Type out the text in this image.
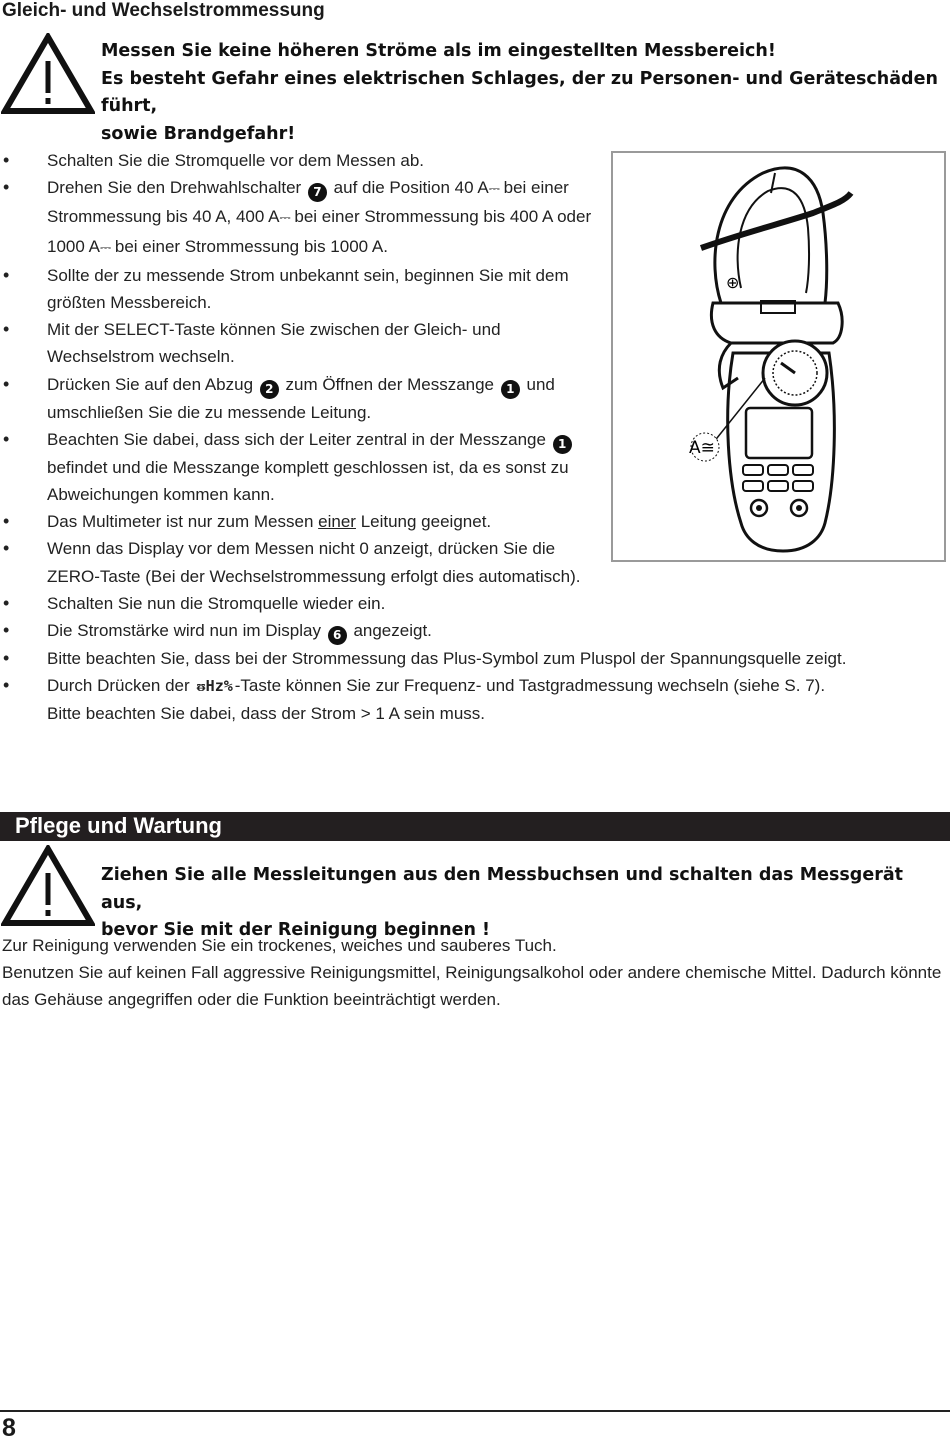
Gleich- und Wechselstrommessung
Messen Sie keine höheren Ströme als im eingestellten Messbereich!
Es besteht Gefahr eines elektrischen Schlages, der zu Personen- und Geräteschäden führt,
sowie Brandgefahr!
• Schalten Sie die Stromquelle vor dem Messen ab.
• Drehen Sie den Drehwahlschalter 7 auf die Position 40 A⎓ bei einer Strommessung bis 40 A, 400 A⎓ bei einer Strommessung bis 400 A oder 1000 A⎓ bei einer Strommessung bis 1000 A.
• Sollte der zu messende Strom unbekannt sein, beginnen Sie mit dem größten Messbereich.
• Mit der SELECT-Taste können Sie zwischen der Gleich- und Wechselstrom wechseln.
• Drücken Sie auf den Abzug 2 zum Öffnen der Messzange 1 und umschließen Sie die zu messende Leitung.
• Beachten Sie dabei, dass sich der Leiter zentral in der Messzange 1 befindet und die Messzange komplett geschlossen ist, da es sonst zu Abweichungen kommen kann.
• Das Multimeter ist nur zum Messen einer Leitung geeignet.
• Wenn das Display vor dem Messen nicht 0 anzeigt, drücken Sie die ZERO-Taste (Bei der Wechselstrommessung erfolgt dies automatisch).
• Schalten Sie nun die Stromquelle wieder ein.
• Die Stromstärke wird nun im Display 6 angezeigt.
• Bitte beachten Sie, dass bei der Strommessung das Plus-Symbol zum Pluspol der Spannungsquelle zeigt.
• Durch Drücken der ᵿHz% -Taste können Sie zur Frequenz- und Tastgradmessung wechseln (siehe S. 7).
Bitte beachten Sie dabei, dass der Strom > 1 A sein muss.
⊕
A≅
Pflege und Wartung
Ziehen Sie alle Messleitungen aus den Messbuchsen und schalten das Messgerät aus,
bevor Sie mit der Reinigung beginnen !

Zur Reinigung verwenden Sie ein trockenes, weiches und sauberes Tuch.

Benutzen Sie auf keinen Fall aggressive Reinigungsmittel, Reinigungsalkohol oder andere chemische Mittel. Dadurch könnte das Gehäuse angegriffen oder die Funktion beeinträchtigt werden.

8
